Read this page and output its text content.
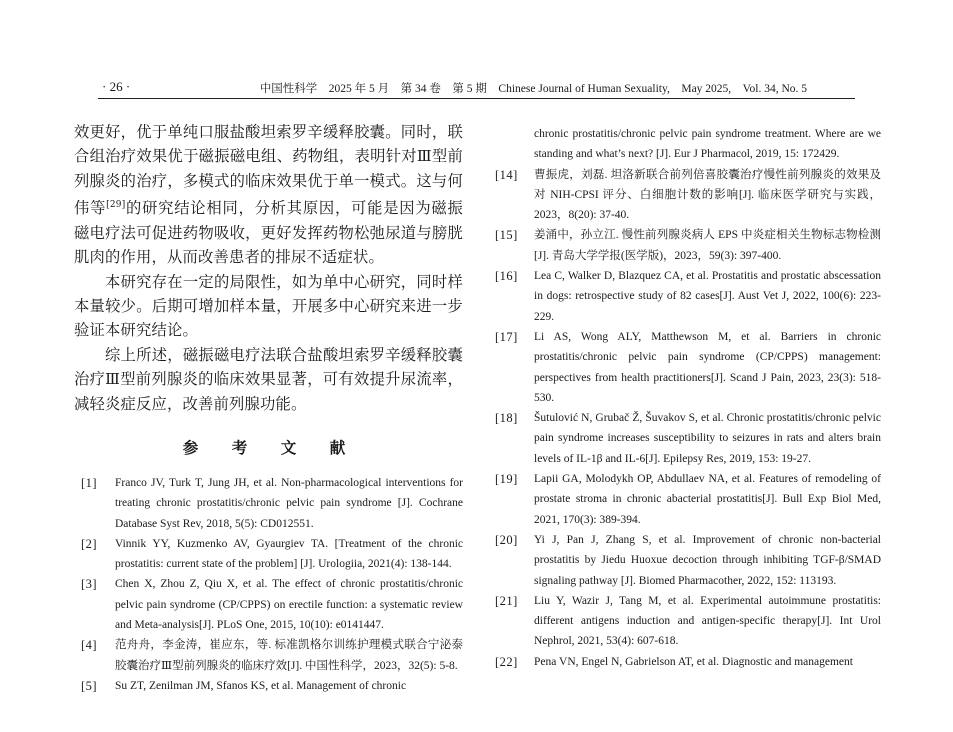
· 26 ·	中国性科学　2025 年 5 月　第 34 卷　第 5 期　Chinese Journal of Human Sexuality,　May 2025,　Vol. 34, No. 5

效更好，优于单纯口服盐酸坦索罗辛缓释胶囊。同时，联合组治疗效果优于磁振磁电组、药物组，表明针对Ⅲ型前列腺炎的治疗，多模式的临床效果优于单一模式。这与何伟等[29]的研究结论相同，分析其原因，可能是因为磁振磁电疗法可促进药物吸收，更好发挥药物松弛尿道与膀胱肌肉的作用，从而改善患者的排尿不适症状。

本研究存在一定的局限性，如为单中心研究，同时样本量较少。后期可增加样本量，开展多中心研究来进一步验证本研究结论。

综上所述，磁振磁电疗法联合盐酸坦索罗辛缓释胶囊治疗Ⅲ型前列腺炎的临床效果显著，可有效提升尿流率，减轻炎症反应，改善前列腺功能。

参　考　文　献
[1] Franco JV, Turk T, Jung JH, et al. Non-pharmacological interventions for treating chronic prostatitis/chronic pelvic pain syndrome [J]. Cochrane Database Syst Rev, 2018, 5(5): CD012551.
[2] Vinnik YY, Kuzmenko AV, Gyaurgiev TA. [Treatment of the chronic prostatitis: current state of the problem] [J]. Urologiia, 2021(4): 138-144.
[3] Chen X, Zhou Z, Qiu X, et al. The effect of chronic prostatitis/chronic pelvic pain syndrome (CP/CPPS) on erectile function: a systematic review and Meta-analysis[J]. PLoS One, 2015, 10(10): e0141447.
[4] 范舟舟，李金涛，崔应东，等. 标准凯格尔训练护理模式联合宁泌泰胶囊治疗Ⅲ型前列腺炎的临床疗效[J]. 中国性科学，2023，32(5): 5-8.
[5] Su ZT, Zenilman JM, Sfanos KS, et al. Management of chronic
chronic prostatitis/chronic pelvic pain syndrome treatment. Where are we standing and what’s next? [J]. Eur J Pharmacol, 2019, 15: 172429.
[14] 曹振虎，刘磊. 坦洛新联合前列倍喜胶囊治疗慢性前列腺炎的效果及对 NIH-CPSI 评分、白细胞计数的影响[J]. 临床医学研究与实践，2023，8(20): 37-40.
[15] 姜涌中，孙立江. 慢性前列腺炎病人 EPS 中炎症相关生物标志物检测[J]. 青岛大学学报(医学版)，2023，59(3): 397-400.
[16] Lea C, Walker D, Blazquez CA, et al. Prostatitis and prostatic abscessation in dogs: retrospective study of 82 cases[J]. Aust Vet J, 2022, 100(6): 223-229.
[17] Li AS, Wong ALY, Matthewson M, et al. Barriers in chronic prostatitis/chronic pelvic pain syndrome (CP/CPPS) management: perspectives from health practitioners[J]. Scand J Pain, 2023, 23(3): 518-530.
[18] Šutulović N, Grubač Ž, Šuvakov S, et al. Chronic prostatitis/chronic pelvic pain syndrome increases susceptibility to seizures in rats and alters brain levels of IL-1β and IL-6[J]. Epilepsy Res, 2019, 153: 19-27.
[19] Lapii GA, Molodykh OP, Abdullaev NA, et al. Features of remodeling of prostate stroma in chronic abacterial prostatitis[J]. Bull Exp Biol Med, 2021, 170(3): 389-394.
[20] Yi J, Pan J, Zhang S, et al. Improvement of chronic non-bacterial prostatitis by Jiedu Huoxue decoction through inhibiting TGF-β/SMAD signaling pathway [J]. Biomed Pharmacother, 2022, 152: 113193.
[21] Liu Y, Wazir J, Tang M, et al. Experimental autoimmune prostatitis: different antigens induction and antigen-specific therapy[J]. Int Urol Nephrol, 2021, 53(4): 607-618.
[22] Pena VN, Engel N, Gabrielson AT, et al. Diagnostic and management
